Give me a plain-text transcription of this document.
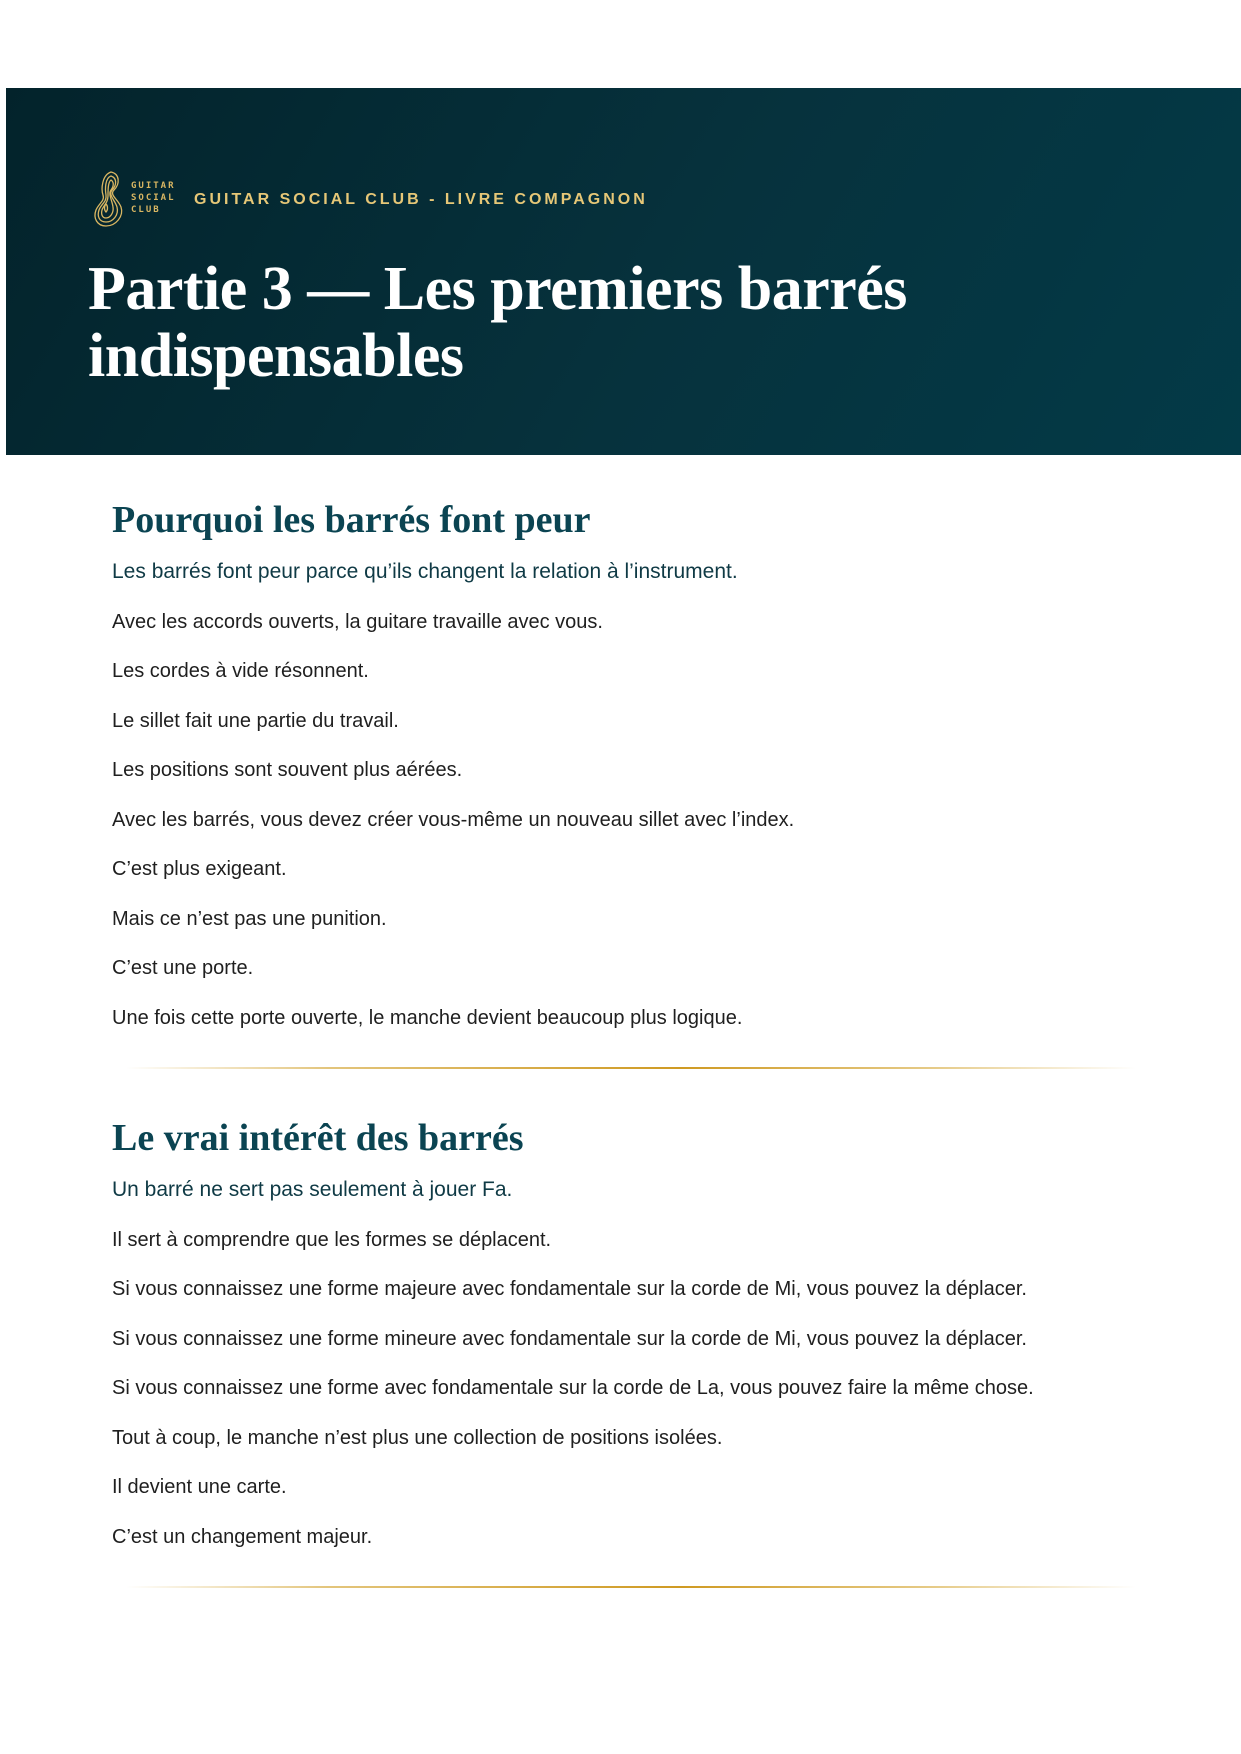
GUITAR
SOCIAL
CLUB
GUITAR SOCIAL CLUB - LIVRE COMPAGNON
Partie 3 — Les premiers barrés indispensables
Pourquoi les barrés font peur

Les barrés font peur parce qu’ils changent la relation à l’instrument.

Avec les accords ouverts, la guitare travaille avec vous.

Les cordes à vide résonnent.

Le sillet fait une partie du travail.

Les positions sont souvent plus aérées.

Avec les barrés, vous devez créer vous-même un nouveau sillet avec l’index.

C’est plus exigeant.

Mais ce n’est pas une punition.

C’est une porte.

Une fois cette porte ouverte, le manche devient beaucoup plus logique.

Le vrai intérêt des barrés

Un barré ne sert pas seulement à jouer Fa.

Il sert à comprendre que les formes se déplacent.

Si vous connaissez une forme majeure avec fondamentale sur la corde de Mi, vous pouvez la déplacer.

Si vous connaissez une forme mineure avec fondamentale sur la corde de Mi, vous pouvez la déplacer.

Si vous connaissez une forme avec fondamentale sur la corde de La, vous pouvez faire la même chose.

Tout à coup, le manche n’est plus une collection de positions isolées.

Il devient une carte.

C’est un changement majeur.
